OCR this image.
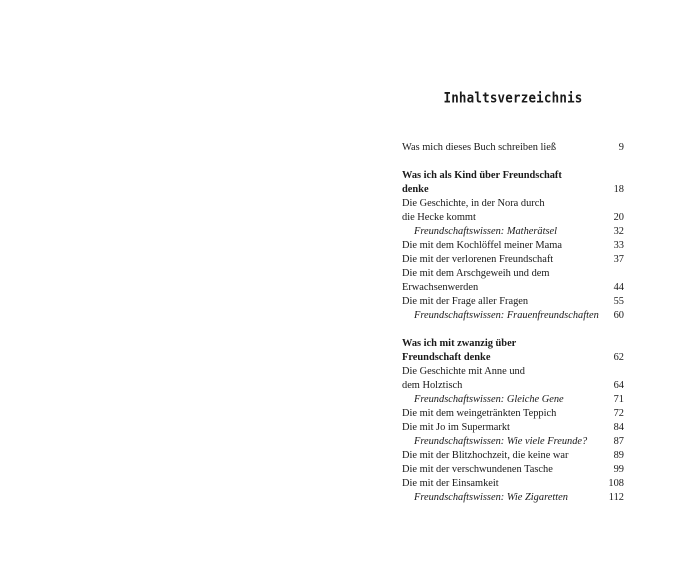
Inhaltsverzeichnis
Was mich dieses Buch schreiben ließ	9
Was ich als Kind über Freundschaft
denke	18
Die Geschichte, in der Nora durch
die Hecke kommt	20
Freundschaftswissen: Matherätsel	32
Die mit dem Kochlöffel meiner Mama	33
Die mit der verlorenen Freundschaft	37
Die mit dem Arschgeweih und dem
Erwachsenwerden	44
Die mit der Frage aller Fragen	55
Freundschaftswissen: Frauenfreundschaften	60
Was ich mit zwanzig über
Freundschaft denke	62
Die Geschichte mit Anne und
dem Holztisch	64
Freundschaftswissen: Gleiche Gene	71
Die mit dem weingetränkten Teppich	72
Die mit Jo im Supermarkt	84
Freundschaftswissen: Wie viele Freunde?	87
Die mit der Blitzhochzeit, die keine war	89
Die mit der verschwundenen Tasche	99
Die mit der Einsamkeit	108
Freundschaftswissen: Wie Zigaretten	112
